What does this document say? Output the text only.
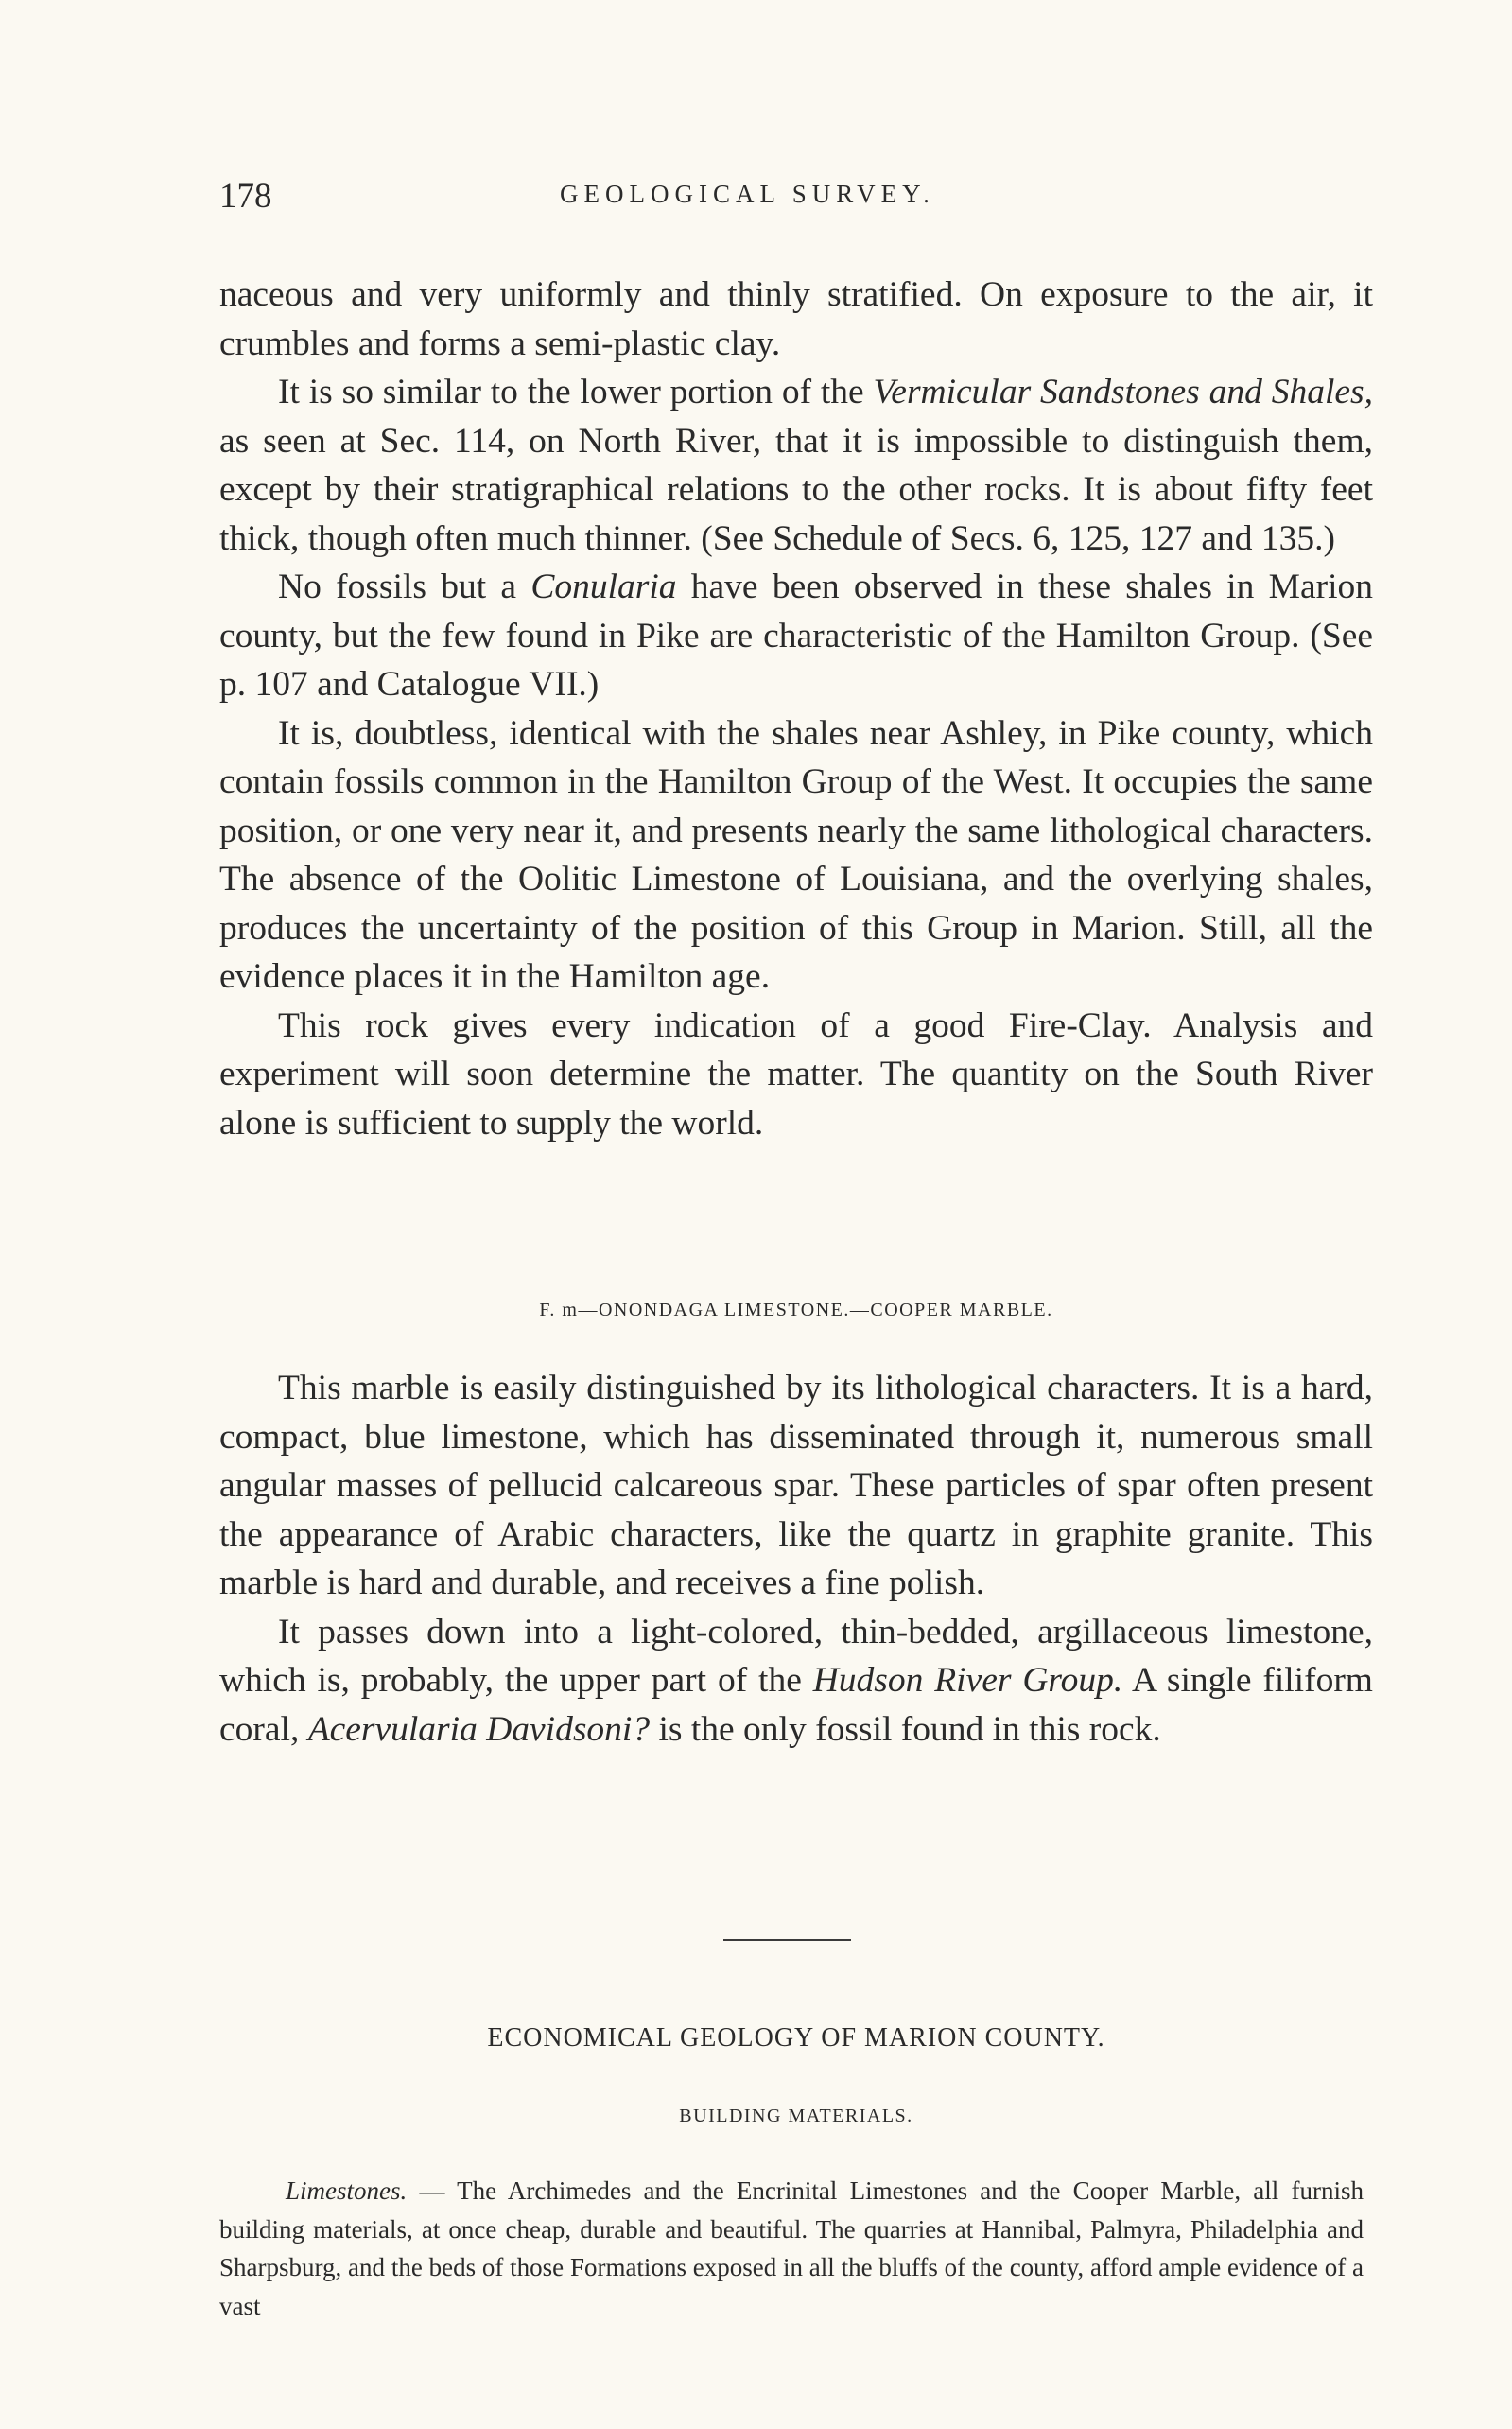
178	GEOLOGICAL SURVEY.

naceous and very uniformly and thinly stratified. On exposure to the air, it crumbles and forms a semi-plastic clay.

It is so similar to the lower portion of the Vermicular Sandstones and Shales, as seen at Sec. 114, on North River, that it is impossible to distinguish them, except by their stratigraphical relations to the other rocks. It is about fifty feet thick, though often much thinner. (See Schedule of Secs. 6, 125, 127 and 135.)

No fossils but a Conularia have been observed in these shales in Marion county, but the few found in Pike are characteristic of the Hamilton Group. (See p. 107 and Catalogue VII.)

It is, doubtless, identical with the shales near Ashley, in Pike county, which contain fossils common in the Hamilton Group of the West. It occupies the same position, or one very near it, and presents nearly the same lithological characters. The absence of the Oolitic Limestone of Louisiana, and the overlying shales, produces the uncertainty of the position of this Group in Marion. Still, all the evidence places it in the Hamilton age.

This rock gives every indication of a good Fire-Clay. Analysis and experiment will soon determine the matter. The quantity on the South River alone is sufficient to supply the world.

F. m—ONONDAGA LIMESTONE.—COOPER MARBLE.

This marble is easily distinguished by its lithological characters. It is a hard, compact, blue limestone, which has disseminated through it, numerous small angular masses of pellucid calcareous spar. These particles of spar often present the appearance of Arabic characters, like the quartz in graphite granite. This marble is hard and durable, and receives a fine polish.

It passes down into a light-colored, thin-bedded, argillaceous limestone, which is, probably, the upper part of the Hudson River Group. A single filiform coral, Acervularia Davidsoni? is the only fossil found in this rock.

ECONOMICAL GEOLOGY OF MARION COUNTY.
BUILDING MATERIALS.

Limestones. — The Archimedes and the Encrinital Limestones and the Cooper Marble, all furnish building materials, at once cheap, durable and beautiful. The quarries at Hannibal, Palmyra, Philadelphia and Sharpsburg, and the beds of those Formations exposed in all the bluffs of the county, afford ample evidence of a vast
